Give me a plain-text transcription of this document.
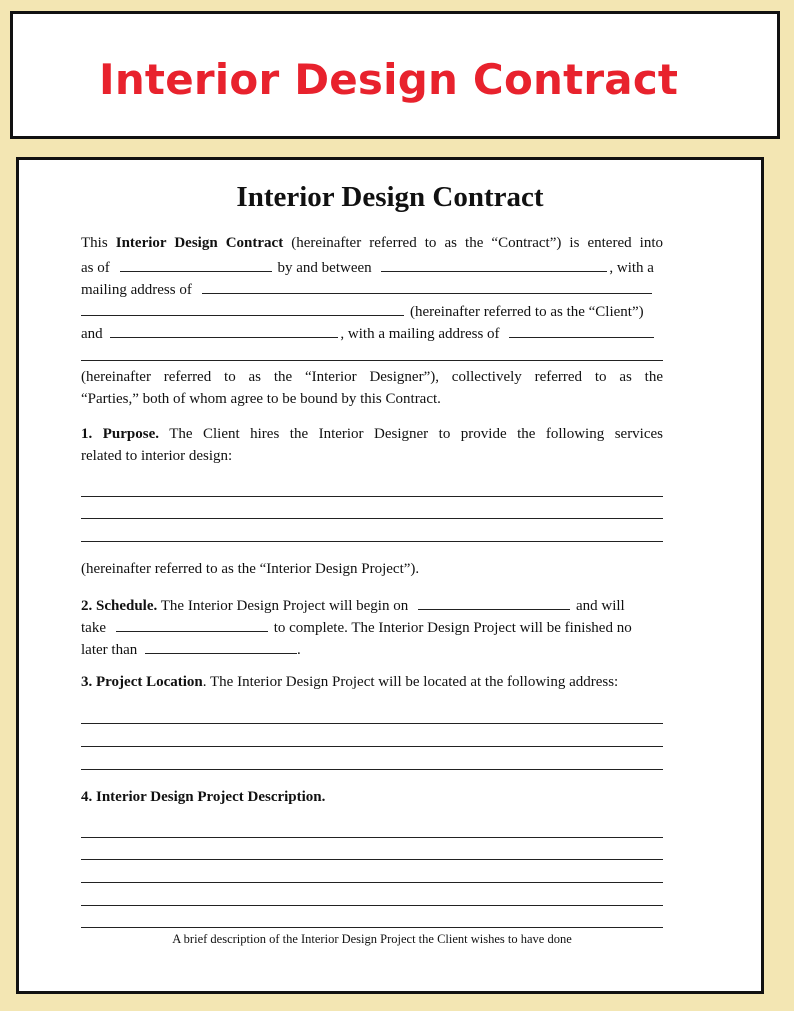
Interior Design Contract
Interior Design Contract
This Interior Design Contract (hereinafter referred to as the “Contract”) is entered into
as of	by and between	, with a
mailing address of
(hereinafter referred to as the “Client”)
and	, with a mailing address of
(hereinafter referred to as the “Interior Designer”), collectively referred to as the
“Parties,” both of whom agree to be bound by this Contract.
1. Purpose. The Client hires the Interior Designer to provide the following services
related to interior design:
(hereinafter referred to as the “Interior Design Project”).
2. Schedule. The Interior Design Project will begin on	and will
take	to complete. The Interior Design Project will be finished no
later than	.
3. Project Location. The Interior Design Project will be located at the following address:
4. Interior Design Project Description.
A brief description of the Interior Design Project the Client wishes to have done
